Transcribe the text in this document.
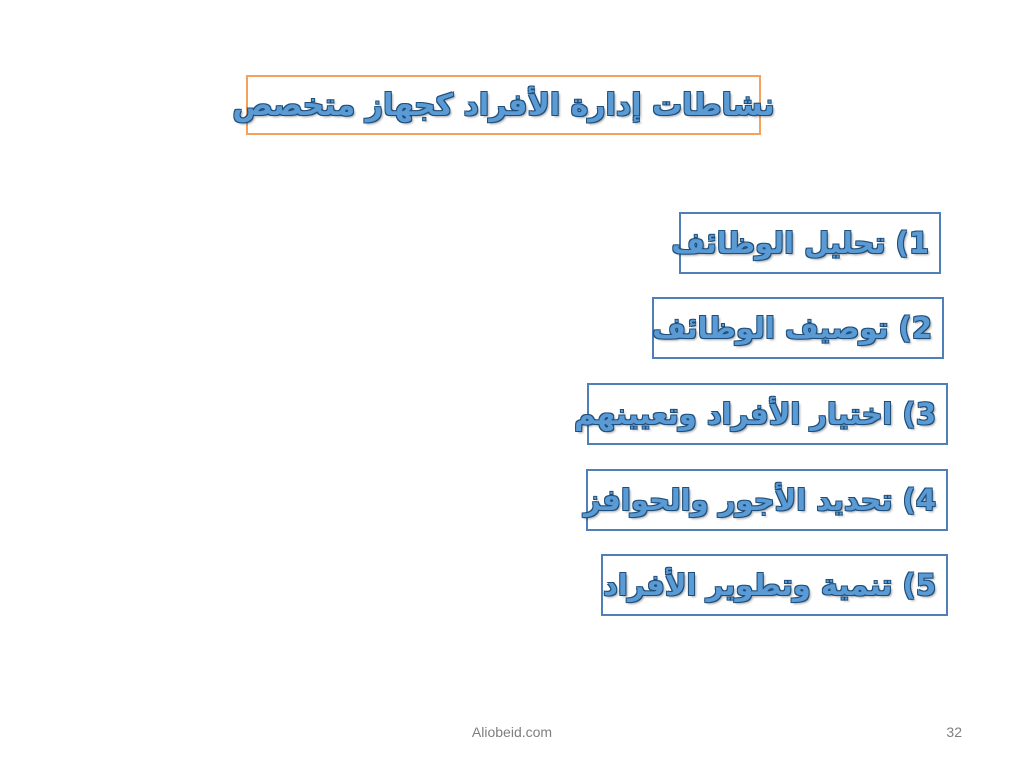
نشاطات إدارة الأفراد كجهاز متخصص
1) تحليل الوظائف
2) توصيف الوظائف
3) اختيار الأفراد وتعيينهم
4) تحديد الأجور والحوافز
5) تنمية وتطوير الأفراد
Aliobeid.com	32
